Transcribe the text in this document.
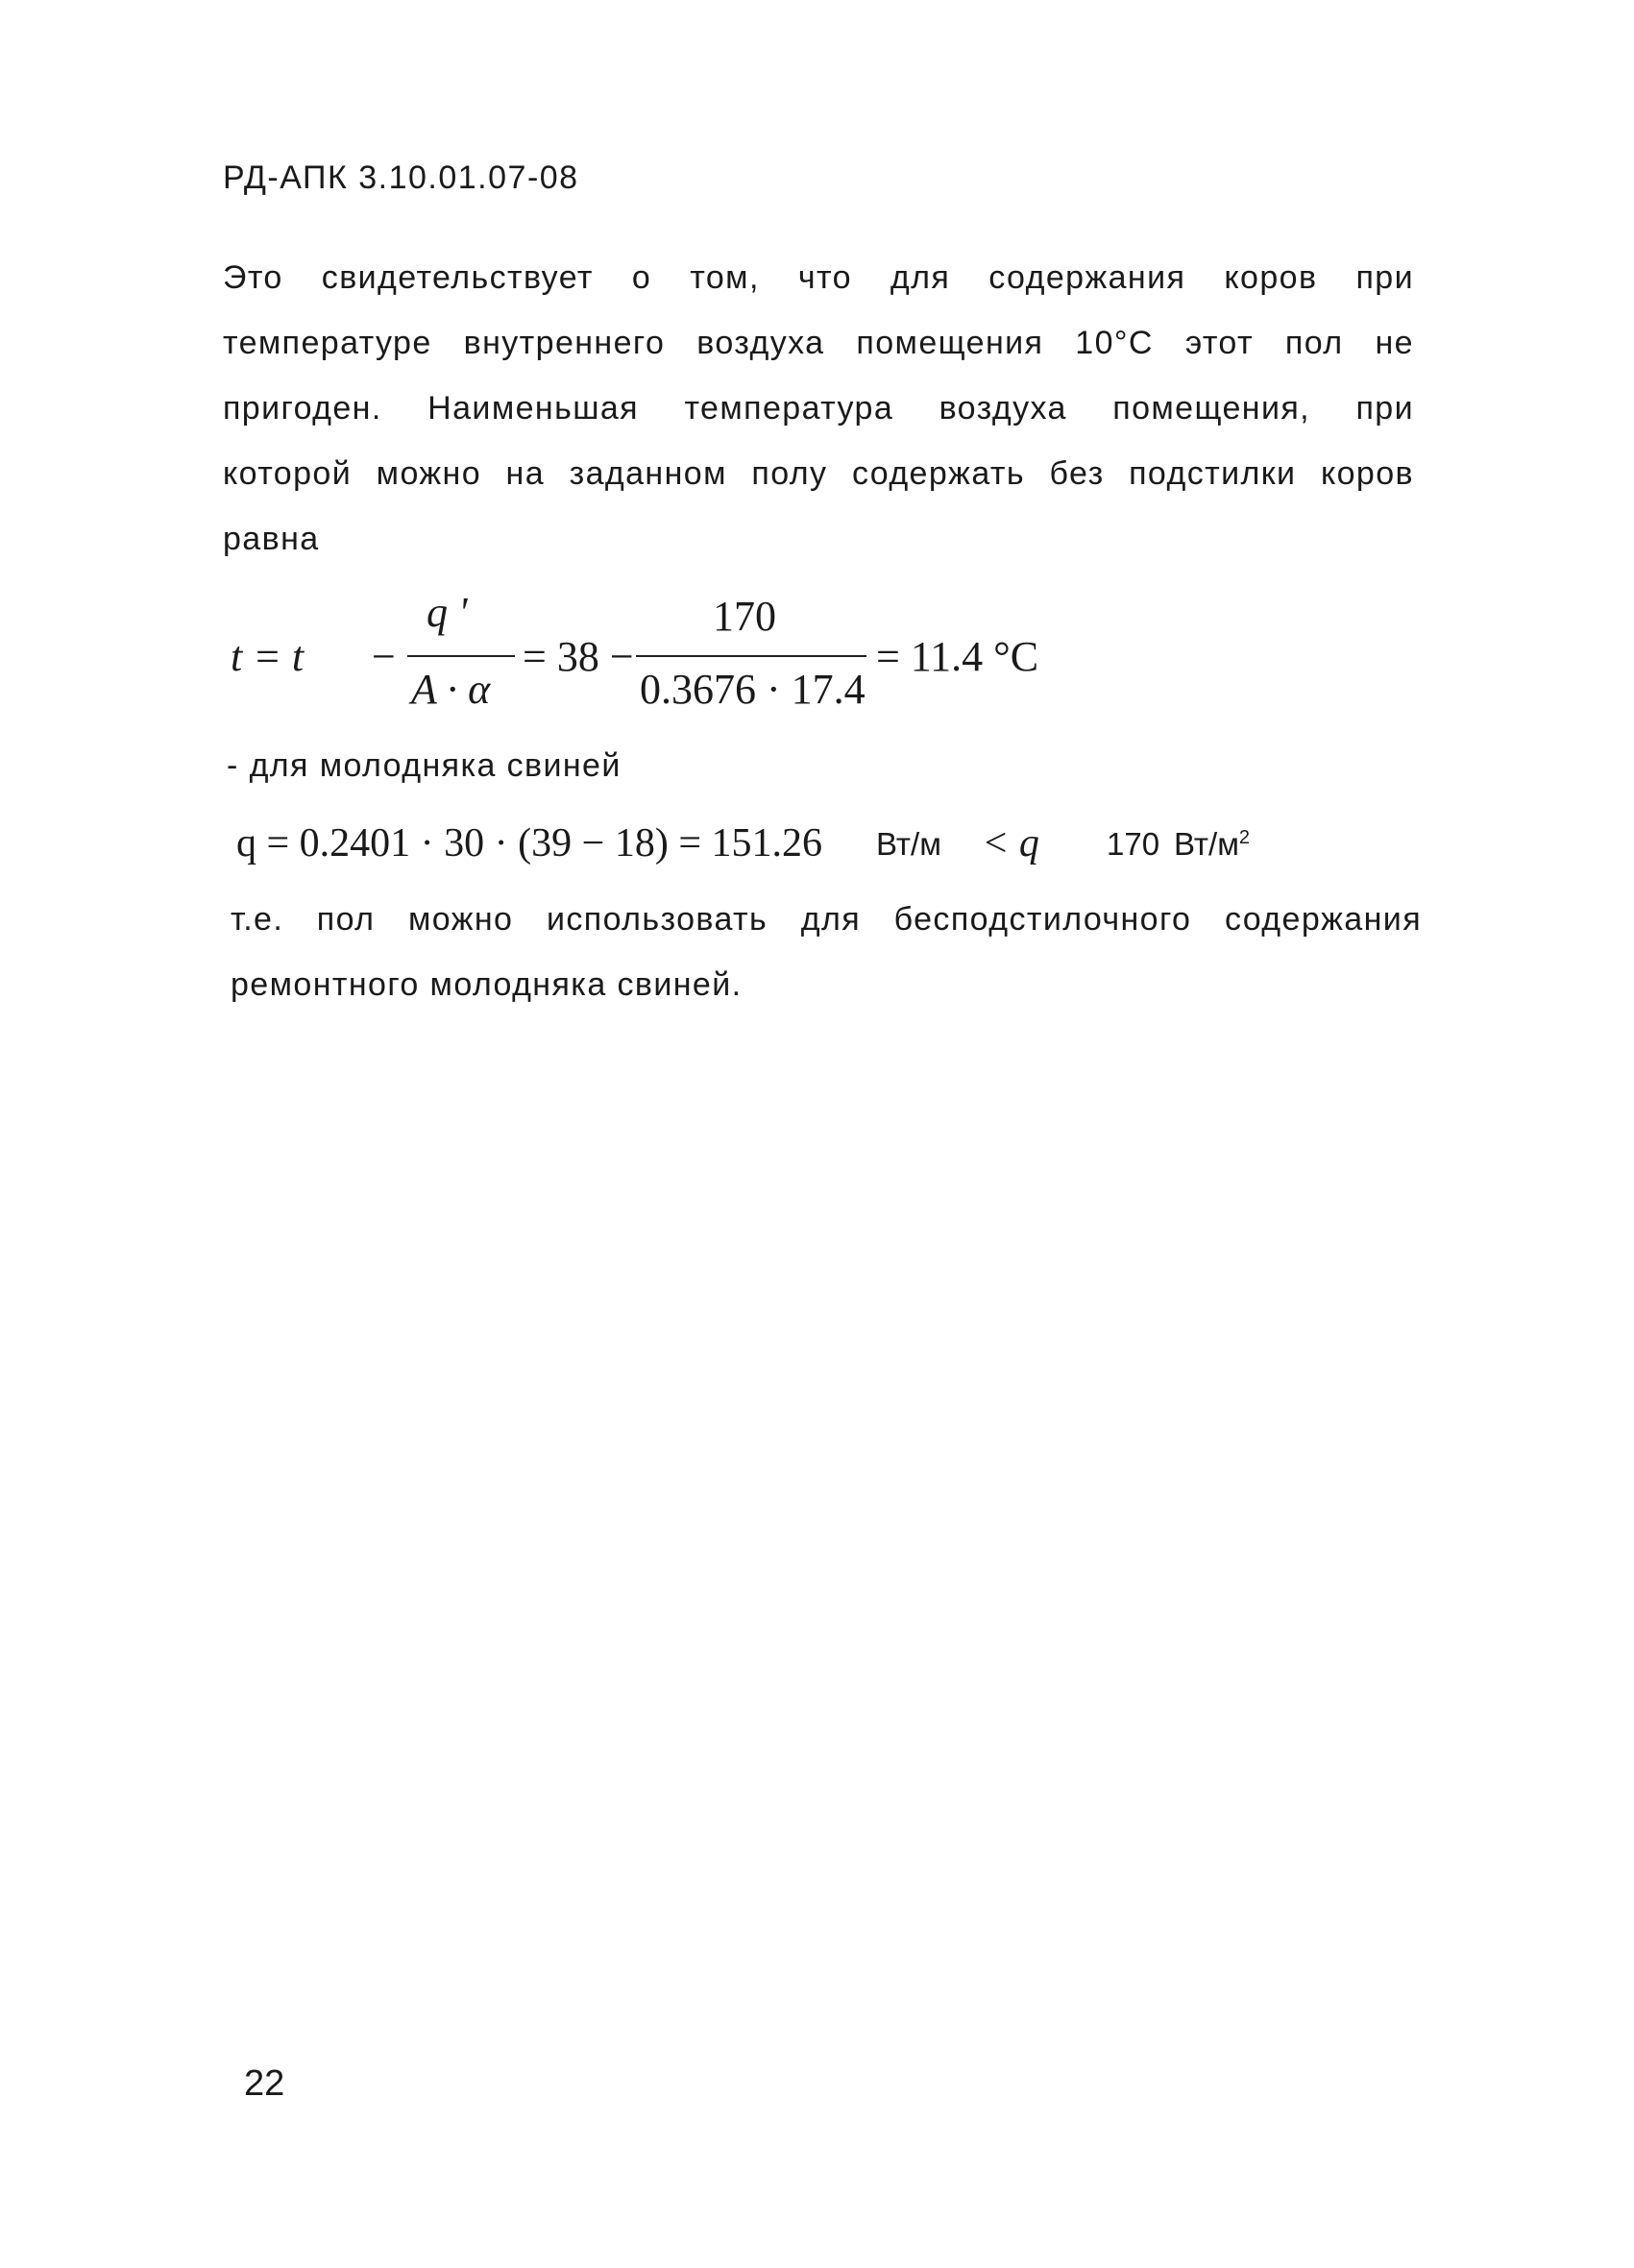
РД-АПК 3.10.01.07-08
Это свидетельствует о том, что для содержания коров при
температуре внутреннего воздуха помещения 10°С этот пол не
пригоден. Наименьшая температура воздуха помещения, при
которой можно на заданном полу содержать без подстилки коров
равна
t = t −
q '
A · α
= 38 −
170
0.3676 · 17.4
= 11.4 °С
- для молодняка свиней
q = 0.2401 · 30 · (39 − 18) = 151.26 Вт/м < q 170 $Вт/м^2$
т.е. пол можно использовать для бесподстилочного содержания
ремонтного молодняка свиней.
22
